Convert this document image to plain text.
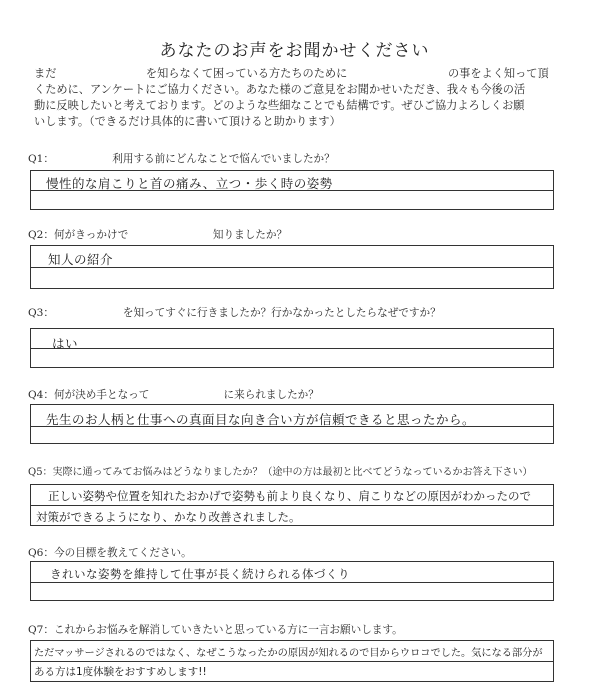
あなたのお声をお聞かせください
まだ　　　　　　　　を知らなくて困っている方たちのために　　　　　　　　　の事をよく知って頂
くために、アンケートにご協力ください。あなた様のご意見をお聞かせいただき、我々も今後の活
動に反映したいと考えております。どのような些細なことでも結構です。ぜひご協力よろしくお願
いします。（できるだけ具体的に書いて頂けると助かります）
Q1：　　　　　　利用する前にどんなことで悩んでいましたか？
慢性的な肩こりと首の痛み、立つ・歩く時の姿勢
Q2：何がきっかけで　　　　　　　　知りましたか？
知人の紹介
Q3：　　　　　　　を知ってすぐに行きましたか？行かなかったとしたらなぜですか？
はい
Q4：何が決め手となって　　　　　　　に来られましたか？
先生のお人柄と仕事への真面目な向き合い方が信頼できると思ったから。
Q5：実際に通ってみてお悩みはどうなりましたか？（途中の方は最初と比べてどうなっているかお答え下さい）
正しい姿勢や位置を知れたおかげで姿勢も前より良くなり、肩こりなどの原因がわかったので
対策ができるようになり、かなり改善されました。
Q6：今の目標を教えてください。
きれいな姿勢を維持して仕事が長く続けられる体づくり
Q7：これからお悩みを解消していきたいと思っている方に一言お願いします。
ただマッサージされるのではなく、なぜこうなったかの原因が知れるので目からウロコでした。気になる部分が
ある方は1度体験をおすすめします!!
